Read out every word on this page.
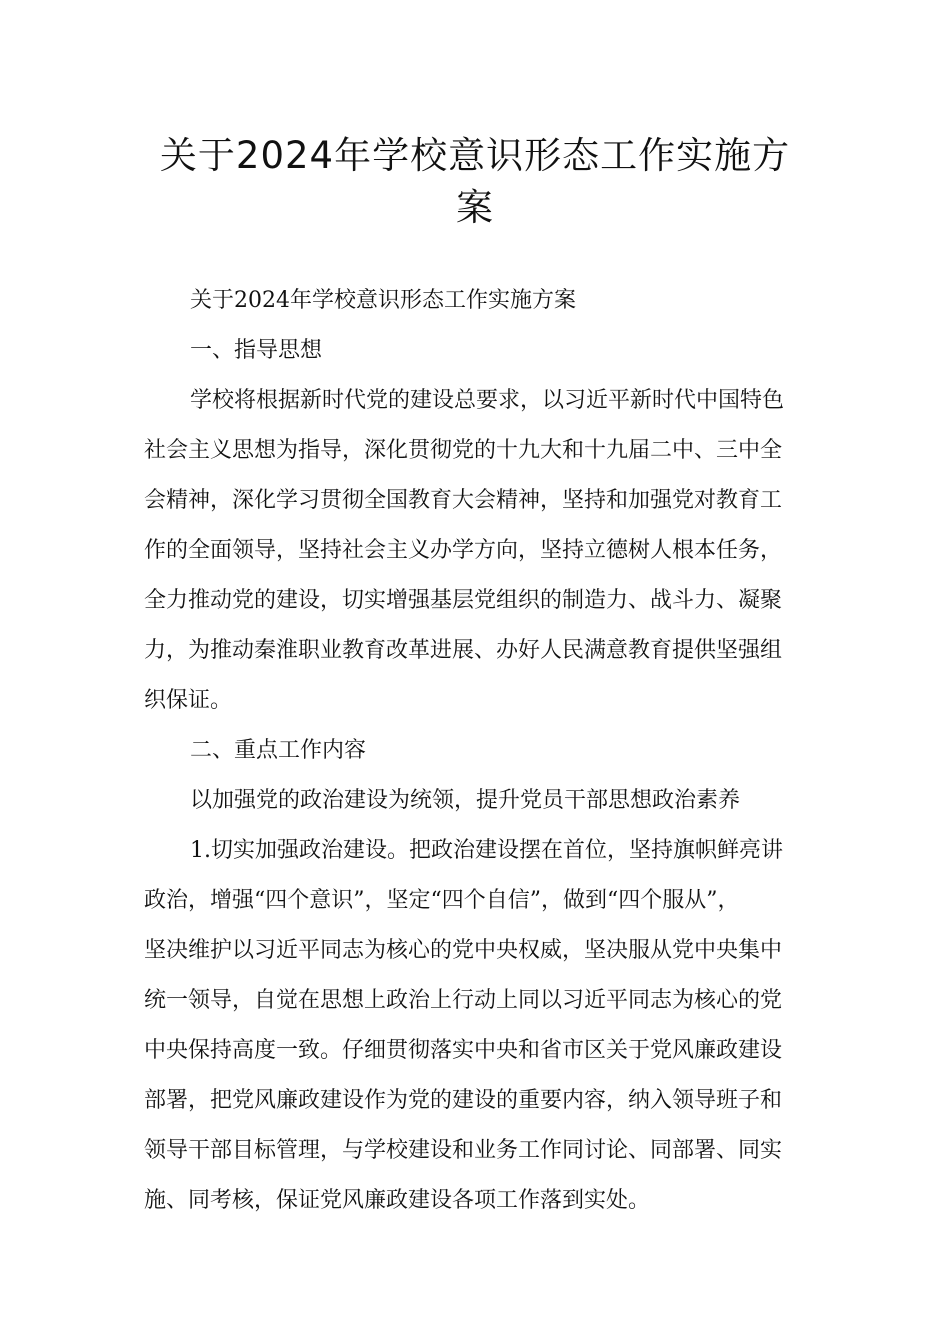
关于2024年学校意识形态工作实施方
案
关于2024年学校意识形态工作实施方案
一、指导思想
学校将根据新时代党的建设总要求，以习近平新时代中国特色
社会主义思想为指导，深化贯彻党的十九大和十九届二中、三中全
会精神，深化学习贯彻全国教育大会精神，坚持和加强党对教育工
作的全面领导，坚持社会主义办学方向，坚持立德树人根本任务，
全力推动党的建设，切实增强基层党组织的制造力、战斗力、凝聚
力，为推动秦淮职业教育改革进展、办好人民满意教育提供坚强组
织保证。
二、重点工作内容
以加强党的政治建设为统领，提升党员干部思想政治素养
1.切实加强政治建设。把政治建设摆在首位，坚持旗帜鲜亮讲
政治，增强“四个意识”，坚定“四个自信”，做到“四个服从”，
坚决维护以习近平同志为核心的党中央权威，坚决服从党中央集中
统一领导，自觉在思想上政治上行动上同以习近平同志为核心的党
中央保持高度一致。仔细贯彻落实中央和省市区关于党风廉政建设
部署，把党风廉政建设作为党的建设的重要内容，纳入领导班子和
领导干部目标管理，与学校建设和业务工作同讨论、同部署、同实
施、同考核，保证党风廉政建设各项工作落到实处。
